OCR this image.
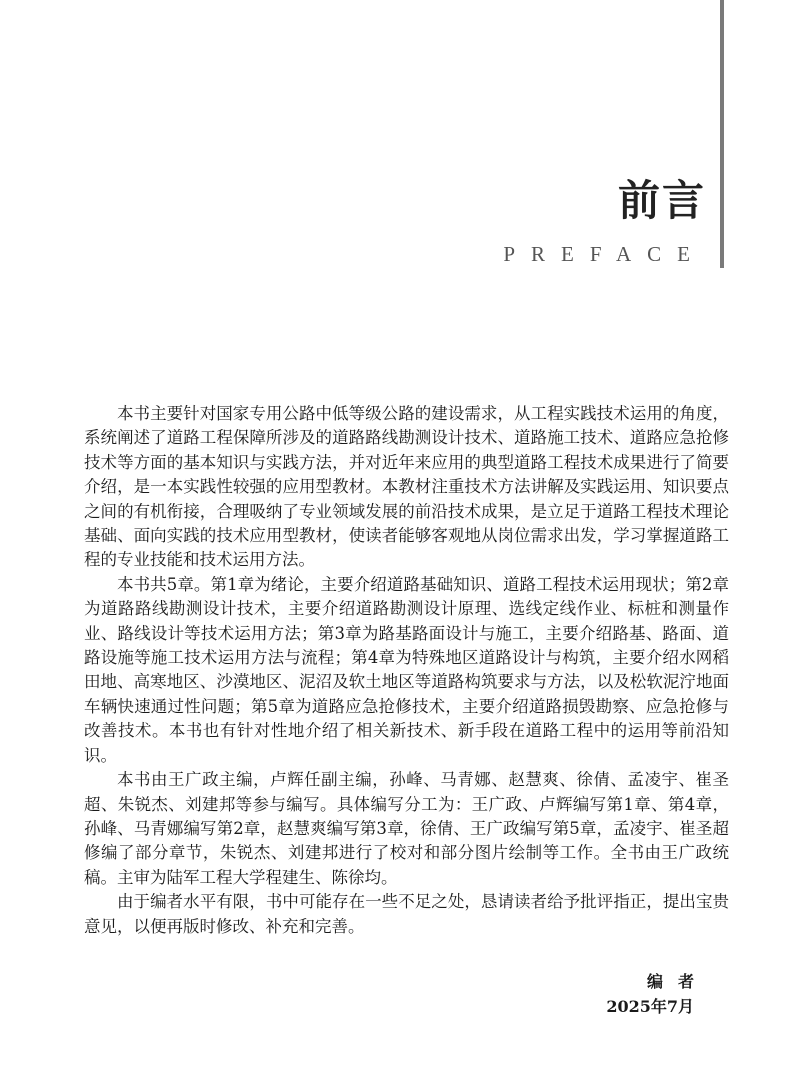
前言
PREFACE

本书主要针对国家专用公路中低等级公路的建设需求，从工程实践技术运用的角度，系统阐述了道路工程保障所涉及的道路路线勘测设计技术、道路施工技术、道路应急抢修技术等方面的基本知识与实践方法，并对近年来应用的典型道路工程技术成果进行了简要介绍，是一本实践性较强的应用型教材。本教材注重技术方法讲解及实践运用、知识要点之间的有机衔接，合理吸纳了专业领域发展的前沿技术成果，是立足于道路工程技术理论基础、面向实践的技术应用型教材，使读者能够客观地从岗位需求出发，学习掌握道路工程的专业技能和技术运用方法。

本书共5章。第1章为绪论，主要介绍道路基础知识、道路工程技术运用现状；第2章为道路路线勘测设计技术，主要介绍道路勘测设计原理、选线定线作业、标桩和测量作业、路线设计等技术运用方法；第3章为路基路面设计与施工，主要介绍路基、路面、道路设施等施工技术运用方法与流程；第4章为特殊地区道路设计与构筑，主要介绍水网稻田地、高寒地区、沙漠地区、泥沼及软土地区等道路构筑要求与方法，以及松软泥泞地面车辆快速通过性问题；第5章为道路应急抢修技术，主要介绍道路损毁勘察、应急抢修与改善技术。本书也有针对性地介绍了相关新技术、新手段在道路工程中的运用等前沿知识。

本书由王广政主编，卢辉任副主编，孙峰、马青娜、赵慧爽、徐倩、孟凌宇、崔圣超、朱锐杰、刘建邦等参与编写。具体编写分工为：王广政、卢辉编写第1章、第4章，孙峰、马青娜编写第2章，赵慧爽编写第3章，徐倩、王广政编写第5章，孟凌宇、崔圣超修编了部分章节，朱锐杰、刘建邦进行了校对和部分图片绘制等工作。全书由王广政统稿。主审为陆军工程大学程建生、陈徐均。

由于编者水平有限，书中可能存在一些不足之处，恳请读者给予批评指正，提出宝贵意见，以便再版时修改、补充和完善。

编者
2025年7月
